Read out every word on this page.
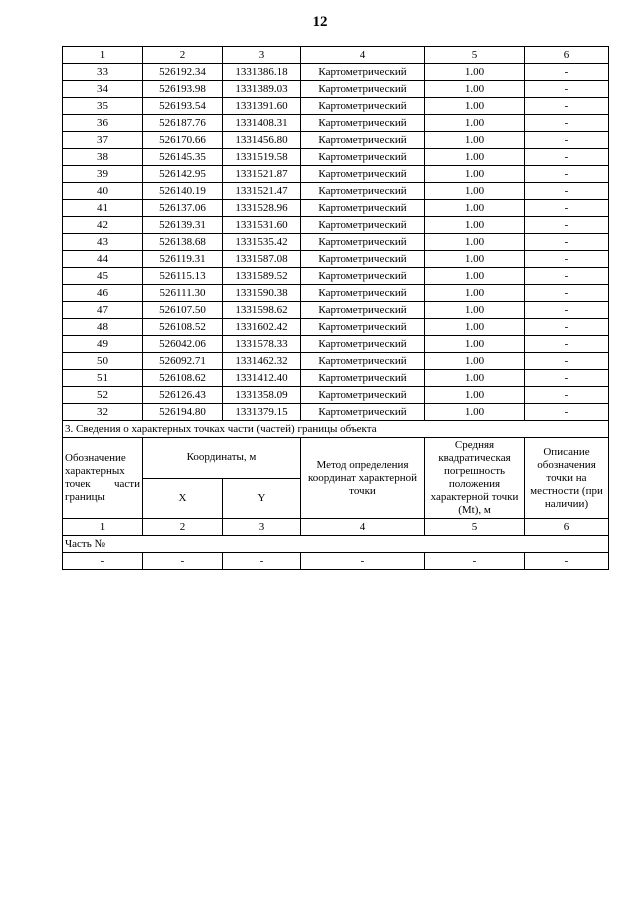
12
1	2	3	4	5	6
33	526192.34	1331386.18	Картометрический	1.00	-
34	526193.98	1331389.03	Картометрический	1.00	-
35	526193.54	1331391.60	Картометрический	1.00	-
36	526187.76	1331408.31	Картометрический	1.00	-
37	526170.66	1331456.80	Картометрический	1.00	-
38	526145.35	1331519.58	Картометрический	1.00	-
39	526142.95	1331521.87	Картометрический	1.00	-
40	526140.19	1331521.47	Картометрический	1.00	-
41	526137.06	1331528.96	Картометрический	1.00	-
42	526139.31	1331531.60	Картометрический	1.00	-
43	526138.68	1331535.42	Картометрический	1.00	-
44	526119.31	1331587.08	Картометрический	1.00	-
45	526115.13	1331589.52	Картометрический	1.00	-
46	526111.30	1331590.38	Картометрический	1.00	-
47	526107.50	1331598.62	Картометрический	1.00	-
48	526108.52	1331602.42	Картометрический	1.00	-
49	526042.06	1331578.33	Картометрический	1.00	-
50	526092.71	1331462.32	Картометрический	1.00	-
51	526108.62	1331412.40	Картометрический	1.00	-
52	526126.43	1331358.09	Картометрический	1.00	-
32	526194.80	1331379.15	Картометрический	1.00	-
3. Сведения о характерных точках части (частей) границы объекта					

Обозначение характерных точек части границы	Координаты, м		Метод определения координат характерной точки	Средняя квадратическая погрешность положения характерной точки (Mt), м	Описание обозначения точки на местности (при наличии)
	X	Y			
1	2	3	4	5	6
Часть №					
-	-	-	-	-	-
